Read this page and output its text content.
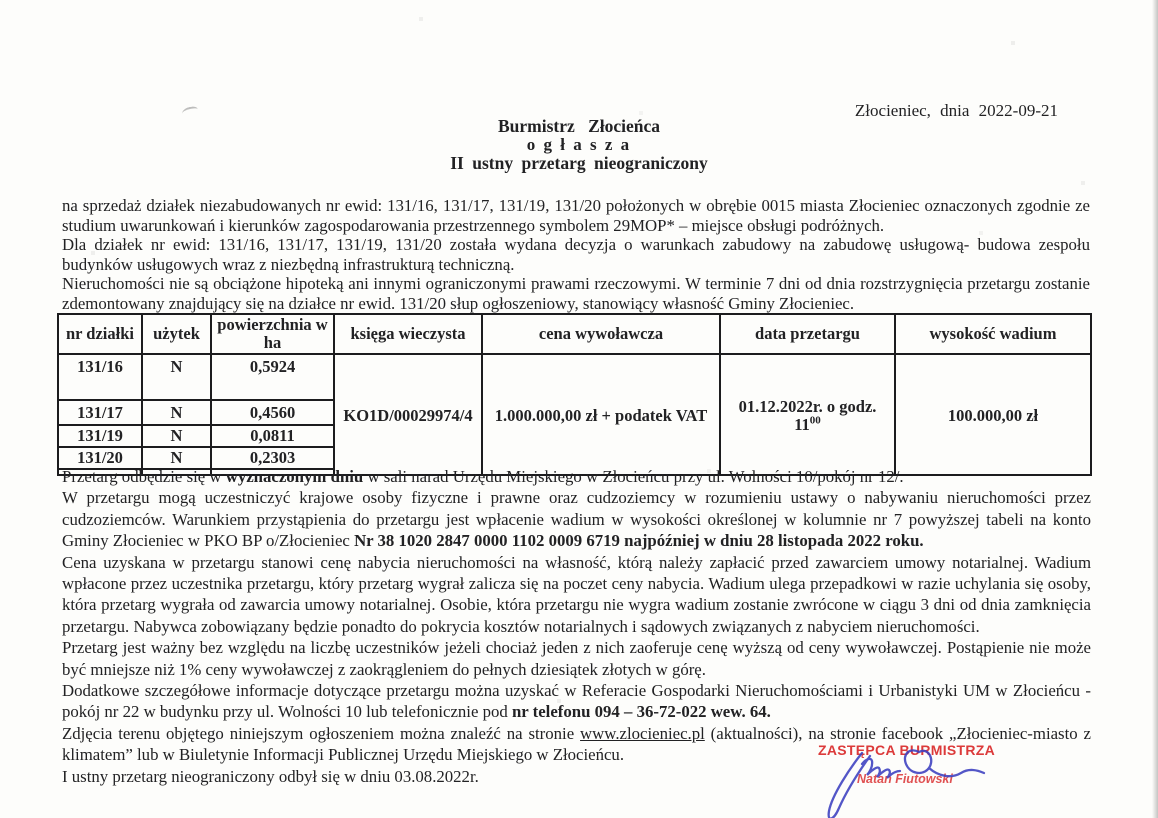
Złocieniec, dnia 2022-09-21
Burmistrz Złocieńca
o g ł a s z a
II ustny przetarg nieograniczony

na sprzedaż działek niezabudowanych nr ewid: 131/16, 131/17, 131/19, 131/20 położonych w obrębie 0015 miasta Złocieniec oznaczonych zgodnie ze studium uwarunkowań i kierunków zagospodarowania przestrzennego symbolem 29MOP* – miejsce obsługi podróżnych.

Dla działek nr ewid: 131/16, 131/17, 131/19, 131/20 została wydana decyzja o warunkach zabudowy na zabudowę usługową- budowa zespołu budynków usługowych wraz z niezbędną infrastrukturą techniczną.

Nieruchomości nie są obciążone hipoteką ani innymi ograniczonymi prawami rzeczowymi. W terminie 7 dni od dnia rozstrzygnięcia przetargu zostanie zdemontowany znajdujący się na działce nr ewid. 131/20 słup ogłoszeniowy, stanowiący własność Gminy Złocieniec.

nr działki	użytek	powierzchnia w ha	księga wieczysta	cena wywoławcza	data przetargu	wysokość wadium
131/16	N	0,5924	KO1D/00029974/4	1.000.000,00 zł + podatek VAT	01.12.2022r. o godz.
$11^{00}$	100.000,00 zł
131/17	N	0,4560				
131/19	N	0,0811				
131/20	N	0,2303				

Przetarg odbędzie się w wyznaczonym dniu w sali narad Urzędu Miejskiego w Złocieńcu przy ul. Wolności 10/pokój nr 12/.

W przetargu mogą uczestniczyć krajowe osoby fizyczne i prawne oraz cudzoziemcy w rozumieniu ustawy o nabywaniu nieruchomości przez cudzoziemców. Warunkiem przystąpienia do przetargu jest wpłacenie wadium w wysokości określonej w kolumnie nr 7 powyższej tabeli na konto Gminy Złocieniec w PKO BP o/Złocieniec Nr 38 1020 2847 0000 1102 0009 6719 najpóźniej w dniu 28 listopada 2022 roku.

Cena uzyskana w przetargu stanowi cenę nabycia nieruchomości na własność, którą należy zapłacić przed zawarciem umowy notarialnej. Wadium wpłacone przez uczestnika przetargu, który przetarg wygrał zalicza się na poczet ceny nabycia. Wadium ulega przepadkowi w razie uchylania się osoby, która przetarg wygrała od zawarcia umowy notarialnej. Osobie, która przetargu nie wygra wadium zostanie zwrócone w ciągu 3 dni od dnia zamknięcia przetargu. Nabywca zobowiązany będzie ponadto do pokrycia kosztów notarialnych i sądowych związanych z nabyciem nieruchomości.

Przetarg jest ważny bez względu na liczbę uczestników jeżeli chociaż jeden z nich zaoferuje cenę wyższą od ceny wywoławczej. Postąpienie nie może być mniejsze niż 1% ceny wywoławczej z zaokrągleniem do pełnych dziesiątek złotych w górę.

Dodatkowe szczegółowe informacje dotyczące przetargu można uzyskać w Referacie Gospodarki Nieruchomościami i Urbanistyki UM w Złocieńcu - pokój nr 22 w budynku przy ul. Wolności 10 lub telefonicznie pod nr telefonu 094 – 36-72-022 wew. 64.

Zdjęcia terenu objętego niniejszym ogłoszeniem można znaleźć na stronie www.zlocieniec.pl (aktualności), na stronie facebook „Złocieniec-miasto z klimatem” lub w Biuletynie Informacji Publicznej Urzędu Miejskiego w Złocieńcu.

I ustny przetarg nieograniczony odbył się w dniu 03.08.2022r.

ZASTĘPCA BURMISTRZA
Natan Fiutowski
